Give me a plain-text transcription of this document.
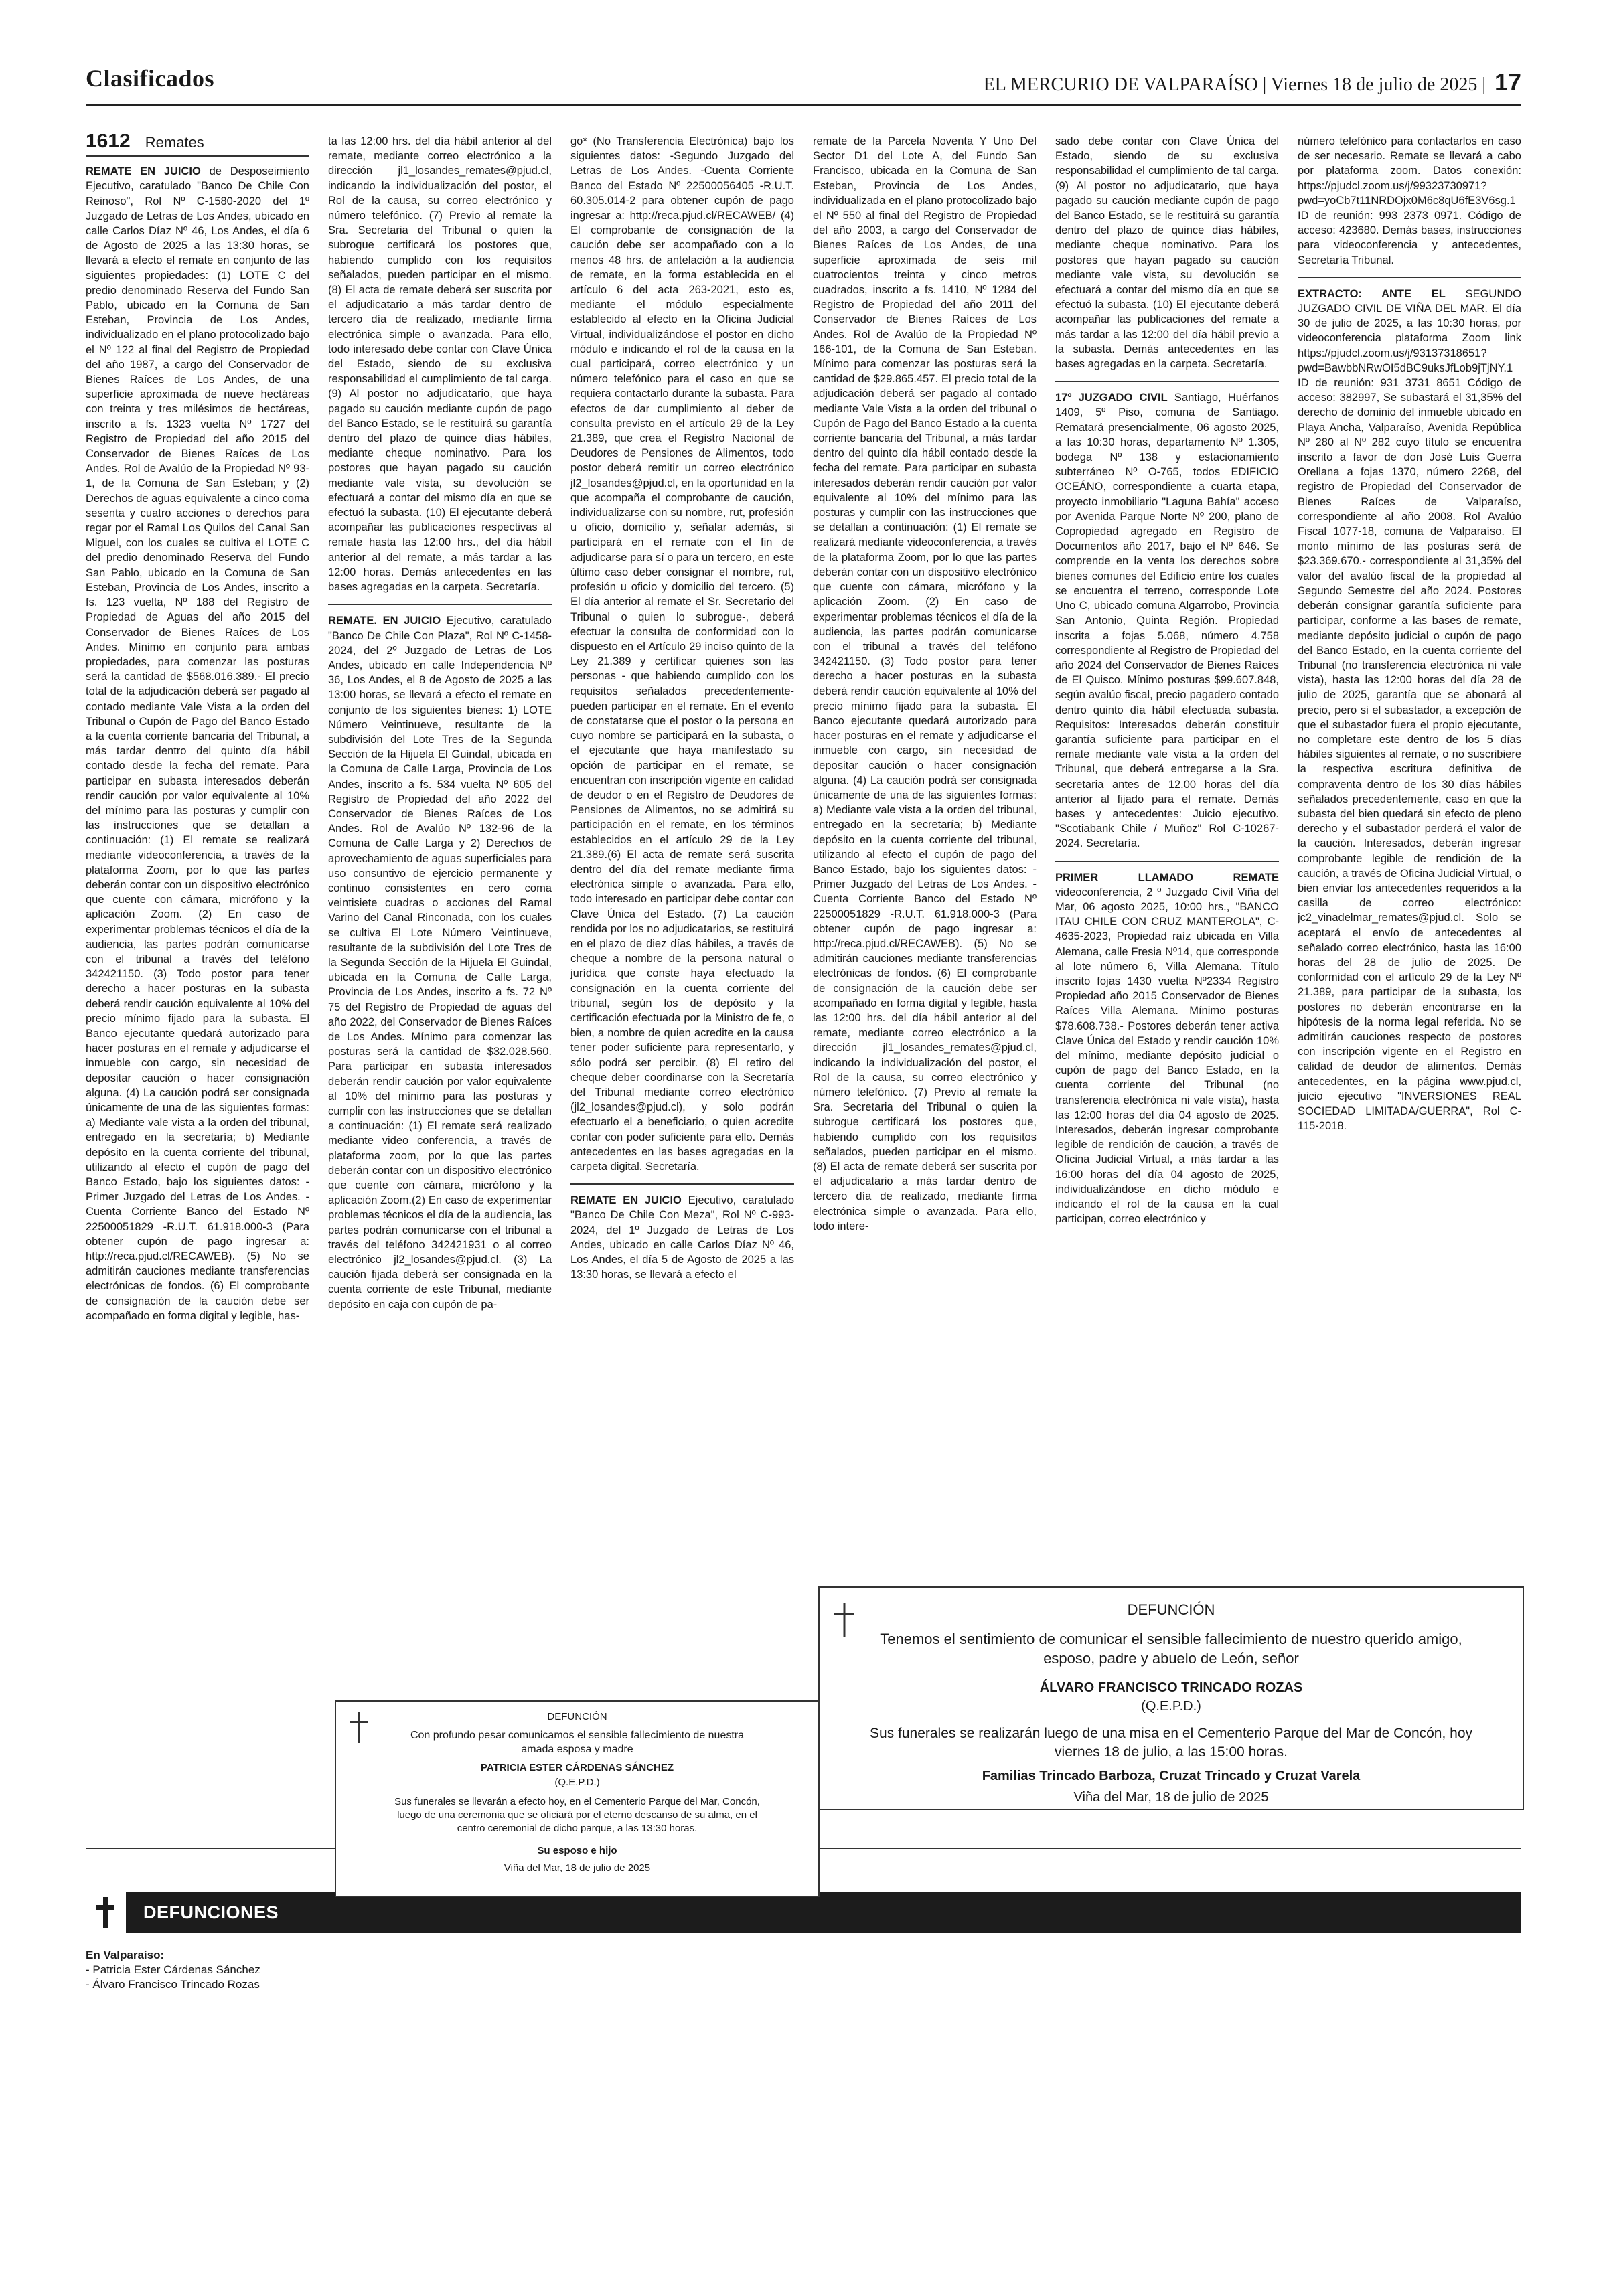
Clasificados	EL MERCURIO DE VALPARAÍSO | Viernes 18 de julio de 2025 | 17
1612 Remates

REMATE EN JUICIO de Desposeimiento Ejecutivo, caratulado "Banco De Chile Con Reinoso", Rol Nº C-1580-2020 del 1º Juzgado de Letras de Los Andes, ubicado en calle Carlos Díaz Nº 46, Los Andes, el día 6 de Agosto de 2025 a las 13:30 horas, se llevará a efecto el remate en conjunto de las siguientes propiedades: (1) LOTE C del predio denominado Reserva del Fundo San Pablo, ubicado en la Comuna de San Esteban, Provincia de Los Andes, individualizado en el plano protocolizado bajo el Nº 122 al final del Registro de Propiedad del año 1987, a cargo del Conservador de Bienes Raíces de Los Andes, de una superficie aproximada de nueve hectáreas con treinta y tres milésimos de hectáreas, inscrito a fs. 1323 vuelta Nº 1727 del Registro de Propiedad del año 2015 del Conservador de Bienes Raíces de Los Andes. Rol de Avalúo de la Propiedad Nº 93-1, de la Comuna de San Esteban; y (2) Derechos de aguas equivalente a cinco coma sesenta y cuatro acciones o derechos para regar por el Ramal Los Quilos del Canal San Miguel, con los cuales se cultiva el LOTE C del predio denominado Reserva del Fundo San Pablo, ubicado en la Comuna de San Esteban, Provincia de Los Andes, inscrito a fs. 123 vuelta, Nº 188 del Registro de Propiedad de Aguas del año 2015 del Conservador de Bienes Raíces de Los Andes. Mínimo en conjunto para ambas propiedades, para comenzar las posturas será la cantidad de $568.016.389.- El precio total de la adjudicación deberá ser pagado al contado mediante Vale Vista a la orden del Tribunal o Cupón de Pago del Banco Estado a la cuenta corriente bancaria del Tribunal, a más tardar dentro del quinto día hábil contado desde la fecha del remate. Para participar en subasta interesados deberán rendir caución por valor equivalente al 10% del mínimo para las posturas y cumplir con las instrucciones que se detallan a continuación: (1) El remate se realizará mediante videoconferencia, a través de la plataforma Zoom, por lo que las partes deberán contar con un dispositivo electrónico que cuente con cámara, micrófono y la aplicación Zoom. (2) En caso de experimentar problemas técnicos el día de la audiencia, las partes podrán comunicarse con el tribunal a través del teléfono 342421150. (3) Todo postor para tener derecho a hacer posturas en la subasta deberá rendir caución equivalente al 10% del precio mínimo fijado para la subasta. El Banco ejecutante quedará autorizado para hacer posturas en el remate y adjudicarse el inmueble con cargo, sin necesidad de depositar caución o hacer consignación alguna. (4) La caución podrá ser consignada únicamente de una de las siguientes formas: a) Mediante vale vista a la orden del tribunal, entregado en la secretaría; b) Mediante depósito en la cuenta corriente del tribunal, utilizando al efecto el cupón de pago del Banco Estado, bajo los siguientes datos: -Primer Juzgado del Letras de Los Andes. -Cuenta Corriente Banco del Estado Nº 22500051829 -R.U.T. 61.918.000-3 (Para obtener cupón de pago ingresar a: http://reca.pjud.cl/RECAWEB). (5) No se admitirán cauciones mediante transferencias electrónicas de fondos. (6) El comprobante de consignación de la caución debe ser acompañado en forma digital y legible, has-

ta las 12:00 hrs. del día hábil anterior al del remate, mediante correo electrónico a la dirección jl1_losandes_remates@pjud.cl, indicando la individualización del postor, el Rol de la causa, su correo electrónico y número telefónico. (7) Previo al remate la Sra. Secretaria del Tribunal o quien la subrogue certificará los postores que, habiendo cumplido con los requisitos señalados, pueden participar en el mismo. (8) El acta de remate deberá ser suscrita por el adjudicatario a más tardar dentro de tercero día de realizado, mediante firma electrónica simple o avanzada. Para ello, todo interesado debe contar con Clave Única del Estado, siendo de su exclusiva responsabilidad el cumplimiento de tal carga. (9) Al postor no adjudicatario, que haya pagado su caución mediante cupón de pago del Banco Estado, se le restituirá su garantía dentro del plazo de quince días hábiles, mediante cheque nominativo. Para los postores que hayan pagado su caución mediante vale vista, su devolución se efectuará a contar del mismo día en que se efectuó la subasta. (10) El ejecutante deberá acompañar las publicaciones respectivas al remate hasta las 12:00 hrs., del día hábil anterior al del remate, a más tardar a las 12:00 horas. Demás antecedentes en las bases agregadas en la carpeta. Secretaría.

REMATE. EN JUICIO Ejecutivo, caratulado "Banco De Chile Con Plaza", Rol Nº C-1458-2024, del 2º Juzgado de Letras de Los Andes, ubicado en calle Independencia Nº 36, Los Andes, el 8 de Agosto de 2025 a las 13:00 horas, se llevará a efecto el remate en conjunto de los siguientes bienes: 1) LOTE Número Veintinueve, resultante de la subdivisión del Lote Tres de la Segunda Sección de la Hijuela El Guindal, ubicada en la Comuna de Calle Larga, Provincia de Los Andes, inscrito a fs. 534 vuelta Nº 605 del Registro de Propiedad del año 2022 del Conservador de Bienes Raíces de Los Andes. Rol de Avalúo Nº 132-96 de la Comuna de Calle Larga y 2) Derechos de aprovechamiento de aguas superficiales para uso consuntivo de ejercicio permanente y continuo consistentes en cero coma veintisiete cuadras o acciones del Ramal Varino del Canal Rinconada, con los cuales se cultiva El Lote Número Veintinueve, resultante de la subdivisión del Lote Tres de la Segunda Sección de la Hijuela El Guindal, ubicada en la Comuna de Calle Larga, Provincia de Los Andes, inscrito a fs. 72 Nº 75 del Registro de Propiedad de aguas del año 2022, del Conservador de Bienes Raíces de Los Andes. Mínimo para comenzar las posturas será la cantidad de $32.028.560. Para participar en subasta interesados deberán rendir caución por valor equivalente al 10% del mínimo para las posturas y cumplir con las instrucciones que se detallan a continuación: (1) El remate será realizado mediante video conferencia, a través de plataforma zoom, por lo que las partes deberán contar con un dispositivo electrónico que cuente con cámara, micrófono y la aplicación Zoom.(2) En caso de experimentar problemas técnicos el día de la audiencia, las partes podrán comunicarse con el tribunal a través del teléfono 342421931 o al correo electrónico jl2_losandes@pjud.cl. (3) La caución fijada deberá ser consignada en la cuenta corriente de este Tribunal, mediante depósito en caja con cupón de pa-

go* (No Transferencia Electrónica) bajo los siguientes datos: -Segundo Juzgado del Letras de Los Andes. -Cuenta Corriente Banco del Estado Nº 22500056405 -R.U.T. 60.305.014-2 para obtener cupón de pago ingresar a: http://reca.pjud.cl/RECAWEB/ (4) El comprobante de consignación de la caución debe ser acompañado con a lo menos 48 hrs. de antelación a la audiencia de remate, en la forma establecida en el artículo 6 del acta 263-2021, esto es, mediante el módulo especialmente establecido al efecto en la Oficina Judicial Virtual, individualizándose el postor en dicho módulo e indicando el rol de la causa en la cual participará, correo electrónico y un número telefónico para el caso en que se requiera contactarlo durante la subasta. Para efectos de dar cumplimiento al deber de consulta previsto en el artículo 29 de la Ley 21.389, que crea el Registro Nacional de Deudores de Pensiones de Alimentos, todo postor deberá remitir un correo electrónico jl2_losandes@pjud.cl, en la oportunidad en la que acompaña el comprobante de caución, individualizarse con su nombre, rut, profesión u oficio, domicilio y, señalar además, si participará en el remate con el fin de adjudicarse para sí o para un tercero, en este último caso deber consignar el nombre, rut, profesión u oficio y domicilio del tercero. (5) El día anterior al remate el Sr. Secretario del Tribunal o quien lo subrogue-, deberá efectuar la consulta de conformidad con lo dispuesto en el Artículo 29 inciso quinto de la Ley 21.389 y certificar quienes son las personas - que habiendo cumplido con los requisitos señalados precedentemente- pueden participar en el remate. En el evento de constatarse que el postor o la persona en cuyo nombre se participará en la subasta, o el ejecutante que haya manifestado su opción de participar en el remate, se encuentran con inscripción vigente en calidad de deudor o en el Registro de Deudores de Pensiones de Alimentos, no se admitirá su participación en el remate, en los términos establecidos en el artículo 29 de la Ley 21.389.(6) El acta de remate será suscrita dentro del día del remate mediante firma electrónica simple o avanzada. Para ello, todo interesado en participar debe contar con Clave Única del Estado. (7) La caución rendida por los no adjudicatarios, se restituirá en el plazo de diez días hábiles, a través de cheque a nombre de la persona natural o jurídica que conste haya efectuado la consignación en la cuenta corriente del tribunal, según los de depósito y la certificación efectuada por la Ministro de fe, o bien, a nombre de quien acredite en la causa tener poder suficiente para representarlo, y sólo podrá ser percibir. (8) El retiro del cheque deber coordinarse con la Secretaría del Tribunal mediante correo electrónico (jl2_losandes@pjud.cl), y solo podrán efectuarlo el a beneficiario, o quien acredite contar con poder suficiente para ello. Demás antecedentes en las bases agregadas en la carpeta digital. Secretaría.

REMATE EN JUICIO Ejecutivo, caratulado "Banco De Chile Con Meza", Rol Nº C-993-2024, del 1º Juzgado de Letras de Los Andes, ubicado en calle Carlos Díaz Nº 46, Los Andes, el día 5 de Agosto de 2025 a las 13:30 horas, se llevará a efecto el

remate de la Parcela Noventa Y Uno Del Sector D1 del Lote A, del Fundo San Francisco, ubicada en la Comuna de San Esteban, Provincia de Los Andes, individualizada en el plano protocolizado bajo el Nº 550 al final del Registro de Propiedad del año 2003, a cargo del Conservador de Bienes Raíces de Los Andes, de una superficie aproximada de seis mil cuatrocientos treinta y cinco metros cuadrados, inscrito a fs. 1410, Nº 1284 del Registro de Propiedad del año 2011 del Conservador de Bienes Raíces de Los Andes. Rol de Avalúo de la Propiedad Nº 166-101, de la Comuna de San Esteban. Mínimo para comenzar las posturas será la cantidad de $29.865.457. El precio total de la adjudicación deberá ser pagado al contado mediante Vale Vista a la orden del tribunal o Cupón de Pago del Banco Estado a la cuenta corriente bancaria del Tribunal, a más tardar dentro del quinto día hábil contado desde la fecha del remate. Para participar en subasta interesados deberán rendir caución por valor equivalente al 10% del mínimo para las posturas y cumplir con las instrucciones que se detallan a continuación: (1) El remate se realizará mediante videoconferencia, a través de la plataforma Zoom, por lo que las partes deberán contar con un dispositivo electrónico que cuente con cámara, micrófono y la aplicación Zoom. (2) En caso de experimentar problemas técnicos el día de la audiencia, las partes podrán comunicarse con el tribunal a través del teléfono 342421150. (3) Todo postor para tener derecho a hacer posturas en la subasta deberá rendir caución equivalente al 10% del precio mínimo fijado para la subasta. El Banco ejecutante quedará autorizado para hacer posturas en el remate y adjudicarse el inmueble con cargo, sin necesidad de depositar caución o hacer consignación alguna. (4) La caución podrá ser consignada únicamente de una de las siguientes formas: a) Mediante vale vista a la orden del tribunal, entregado en la secretaría; b) Mediante depósito en la cuenta corriente del tribunal, utilizando al efecto el cupón de pago del Banco Estado, bajo los siguientes datos: -Primer Juzgado del Letras de Los Andes. -Cuenta Corriente Banco del Estado Nº 22500051829 -R.U.T. 61.918.000-3 (Para obtener cupón de pago ingresar a: http://reca.pjud.cl/RECAWEB). (5) No se admitirán cauciones mediante transferencias electrónicas de fondos. (6) El comprobante de consignación de la caución debe ser acompañado en forma digital y legible, hasta las 12:00 hrs. del día hábil anterior al del remate, mediante correo electrónico a la dirección jl1_losandes_remates@pjud.cl, indicando la individualización del postor, el Rol de la causa, su correo electrónico y número telefónico. (7) Previo al remate la Sra. Secretaria del Tribunal o quien la subrogue certificará los postores que, habiendo cumplido con los requisitos señalados, pueden participar en el mismo. (8) El acta de remate deberá ser suscrita por el adjudicatario a más tardar dentro de tercero día de realizado, mediante firma electrónica simple o avanzada. Para ello, todo intere-

sado debe contar con Clave Única del Estado, siendo de su exclusiva responsabilidad el cumplimiento de tal carga. (9) Al postor no adjudicatario, que haya pagado su caución mediante cupón de pago del Banco Estado, se le restituirá su garantía dentro del plazo de quince días hábiles, mediante cheque nominativo. Para los postores que hayan pagado su caución mediante vale vista, su devolución se efectuará a contar del mismo día en que se efectuó la subasta. (10) El ejecutante deberá acompañar las publicaciones del remate a más tardar a las 12:00 del día hábil previo a la subasta. Demás antecedentes en las bases agregadas en la carpeta. Secretaría.

17º JUZGADO CIVIL Santiago, Huérfanos 1409, 5º Piso, comuna de Santiago. Rematará presencialmente, 06 agosto 2025, a las 10:30 horas, departamento Nº 1.305, bodega Nº 138 y estacionamiento subterráneo Nº O-765, todos EDIFICIO OCEÁNO, correspondiente a cuarta etapa, proyecto inmobiliario "Laguna Bahía" acceso por Avenida Parque Norte Nº 200, plano de Copropiedad agregado en Registro de Documentos año 2017, bajo el Nº 646. Se comprende en la venta los derechos sobre bienes comunes del Edificio entre los cuales se encuentra el terreno, corresponde Lote Uno C, ubicado comuna Algarrobo, Provincia San Antonio, Quinta Región. Propiedad inscrita a fojas 5.068, número 4.758 correspondiente al Registro de Propiedad del año 2024 del Conservador de Bienes Raíces de El Quisco. Mínimo posturas $99.607.848, según avalúo fiscal, precio pagadero contado dentro quinto día hábil efectuada subasta. Requisitos: Interesados deberán constituir garantía suficiente para participar en el remate mediante vale vista a la orden del Tribunal, que deberá entregarse a la Sra. secretaria antes de 12.00 horas del día anterior al fijado para el remate. Demás bases y antecedentes: Juicio ejecutivo. "Scotiabank Chile / Muñoz" Rol C-10267-2024. Secretaría.

PRIMER LLAMADO REMATE videoconferencia, 2 º Juzgado Civil Viña del Mar, 06 agosto 2025, 10:00 hrs., "BANCO ITAU CHILE CON CRUZ MANTEROLA", C-4635-2023, Propiedad raíz ubicada en Villa Alemana, calle Fresia Nº14, que corresponde al lote número 6, Villa Alemana. Título inscrito fojas 1430 vuelta Nº2334 Registro Propiedad año 2015 Conservador de Bienes Raíces Villa Alemana. Mínimo posturas $78.608.738.- Postores deberán tener activa Clave Única del Estado y rendir caución 10% del mínimo, mediante depósito judicial o cupón de pago del Banco Estado, en la cuenta corriente del Tribunal (no transferencia electrónica ni vale vista), hasta las 12:00 horas del día 04 agosto de 2025. Interesados, deberán ingresar comprobante legible de rendición de caución, a través de Oficina Judicial Virtual, a más tardar a las 16:00 horas del día 04 agosto de 2025, individualizándose en dicho módulo e indicando el rol de la causa en la cual participan, correo electrónico y

número telefónico para contactarlos en caso de ser necesario. Remate se llevará a cabo por plataforma zoom. Datos conexión: https://pjudcl.zoom.us/j/99323730971?pwd=yoCb7t11NRDOjx0M6c8qU6fE3V6sg.1 ID de reunión: 993 2373 0971. Código de acceso: 423680. Demás bases, instrucciones para videoconferencia y antecedentes, Secretaría Tribunal.

EXTRACTO: ANTE EL SEGUNDO JUZGADO CIVIL DE VIÑA DEL MAR. El día 30 de julio de 2025, a las 10:30 horas, por videoconferencia plataforma Zoom link https://pjudcl.zoom.us/j/93137318651?pwd=BawbbNRwOI5dBC9uksJfLob9jTjNY.1 ID de reunión: 931 3731 8651 Código de acceso: 382997, Se subastará el 31,35% del derecho de dominio del inmueble ubicado en Playa Ancha, Valparaíso, Avenida República Nº 280 al Nº 282 cuyo título se encuentra inscrito a favor de don José Luis Guerra Orellana a fojas 1370, número 2268, del registro de Propiedad del Conservador de Bienes Raíces de Valparaíso, correspondiente al año 2008. Rol Avalúo Fiscal 1077-18, comuna de Valparaíso. El monto mínimo de las posturas será de $23.369.670.- correspondiente al 31,35% del valor del avalúo fiscal de la propiedad al Segundo Semestre del año 2024. Postores deberán consignar garantía suficiente para participar, conforme a las bases de remate, mediante depósito judicial o cupón de pago del Banco Estado, en la cuenta corriente del Tribunal (no transferencia electrónica ni vale vista), hasta las 12:00 horas del día 28 de julio de 2025, garantía que se abonará al precio, pero si el subastador, a excepción de que el subastador fuera el propio ejecutante, no completare este dentro de los 5 días hábiles siguientes al remate, o no suscribiere la respectiva escritura definitiva de compraventa dentro de los 30 días hábiles señalados precedentemente, caso en que la subasta del bien quedará sin efecto de pleno derecho y el subastador perderá el valor de la caución. Interesados, deberán ingresar comprobante legible de rendición de la caución, a través de Oficina Judicial Virtual, o bien enviar los antecedentes requeridos a la casilla de correo electrónico: jc2_vinadelmar_remates@pjud.cl. Solo se aceptará el envío de antecedentes al señalado correo electrónico, hasta las 16:00 horas del 28 de julio de 2025. De conformidad con el artículo 29 de la Ley Nº 21.389, para participar de la subasta, los postores no deberán encontrarse en la hipótesis de la norma legal referida. No se admitirán cauciones respecto de postores con inscripción vigente en el Registro en calidad de deudor de alimentos. Demás antecedentes, en la página www.pjud.cl, juicio ejecutivo "INVERSIONES REAL SOCIEDAD LIMITADA/GUERRA", Rol C-115-2018.

DEFUNCIONES
En Valparaíso:
- Patricia Ester Cárdenas Sánchez
- Álvaro Francisco Trincado Rozas
DEFUNCIÓN
Tenemos el sentimiento de comunicar el sensible fallecimiento de nuestro querido amigo, esposo, padre y abuelo de León, señor
ÁLVARO FRANCISCO TRINCADO ROZAS
(Q.E.P.D.)
Sus funerales se realizarán luego de una misa en el Cementerio Parque del Mar de Concón, hoy viernes 18 de julio, a las 15:00 horas.
Familias Trincado Barboza, Cruzat Trincado y Cruzat Varela
Viña del Mar, 18 de julio de 2025
DEFUNCIÓN
Con profundo pesar comunicamos el sensible fallecimiento de nuestra amada esposa y madre
PATRICIA ESTER CÁRDENAS SÁNCHEZ
(Q.E.P.D.)
Sus funerales se llevarán a efecto hoy, en el Cementerio Parque del Mar, Concón, luego de una ceremonia que se oficiará por el eterno descanso de su alma, en el centro ceremonial de dicho parque, a las 13:30 horas.
Su esposo e hijo
Viña del Mar, 18 de julio de 2025
